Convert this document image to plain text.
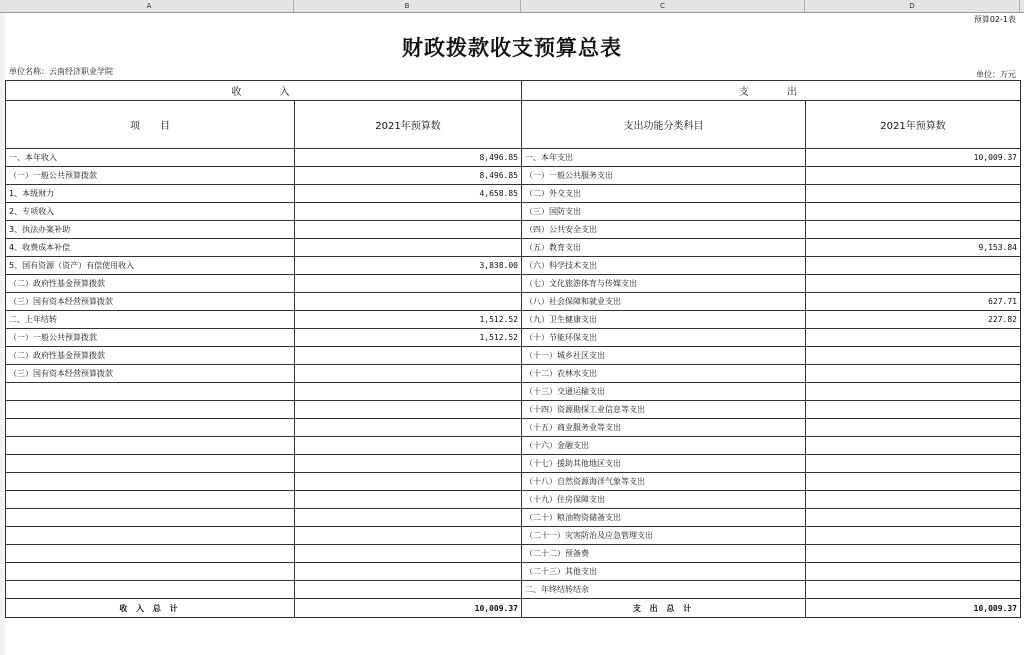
A	B	C	D
预算02-1表
财政拨款收支预算总表
单位名称：云南经济职业学院	单位：万元
收　　入		支　　出	
项　　目	2021年预算数	支出功能分类科目	2021年预算数
一、本年收入	8,496.85	一、本年支出	10,009.37
（一）一般公共预算拨款	8,496.85	（一）一般公共服务支出	
1、本级财力	4,658.85	（二）外交支出	
2、专项收入		（三）国防支出	
3、执法办案补助		（四）公共安全支出	
4、收费成本补偿		（五）教育支出	9,153.84
5、国有资源（资产）有偿使用收入	3,838.00	（六）科学技术支出	
（二）政府性基金预算拨款		（七）文化旅游体育与传媒支出	
（三）国有资本经营预算拨款		（八）社会保障和就业支出	627.71
二、上年结转	1,512.52	（九）卫生健康支出	227.82
（一）一般公共预算拨款	1,512.52	（十）节能环保支出	
（二）政府性基金预算拨款		（十一）城乡社区支出	
（三）国有资本经营预算拨款		（十二）农林水支出	
		（十三）交通运输支出	
		（十四）资源勘探工业信息等支出	
		（十五）商业服务业等支出	
		（十六）金融支出	
		（十七）援助其他地区支出	
		（十八）自然资源海洋气象等支出	
		（十九）住房保障支出	
		（二十）粮油物资储备支出	
		（二十一）灾害防治及应急管理支出	
		（二十二）预备费	
		（二十三）其他支出	
		二、年终结转结余	
收 入 总 计	10,009.37	支 出 总 计	10,009.37
